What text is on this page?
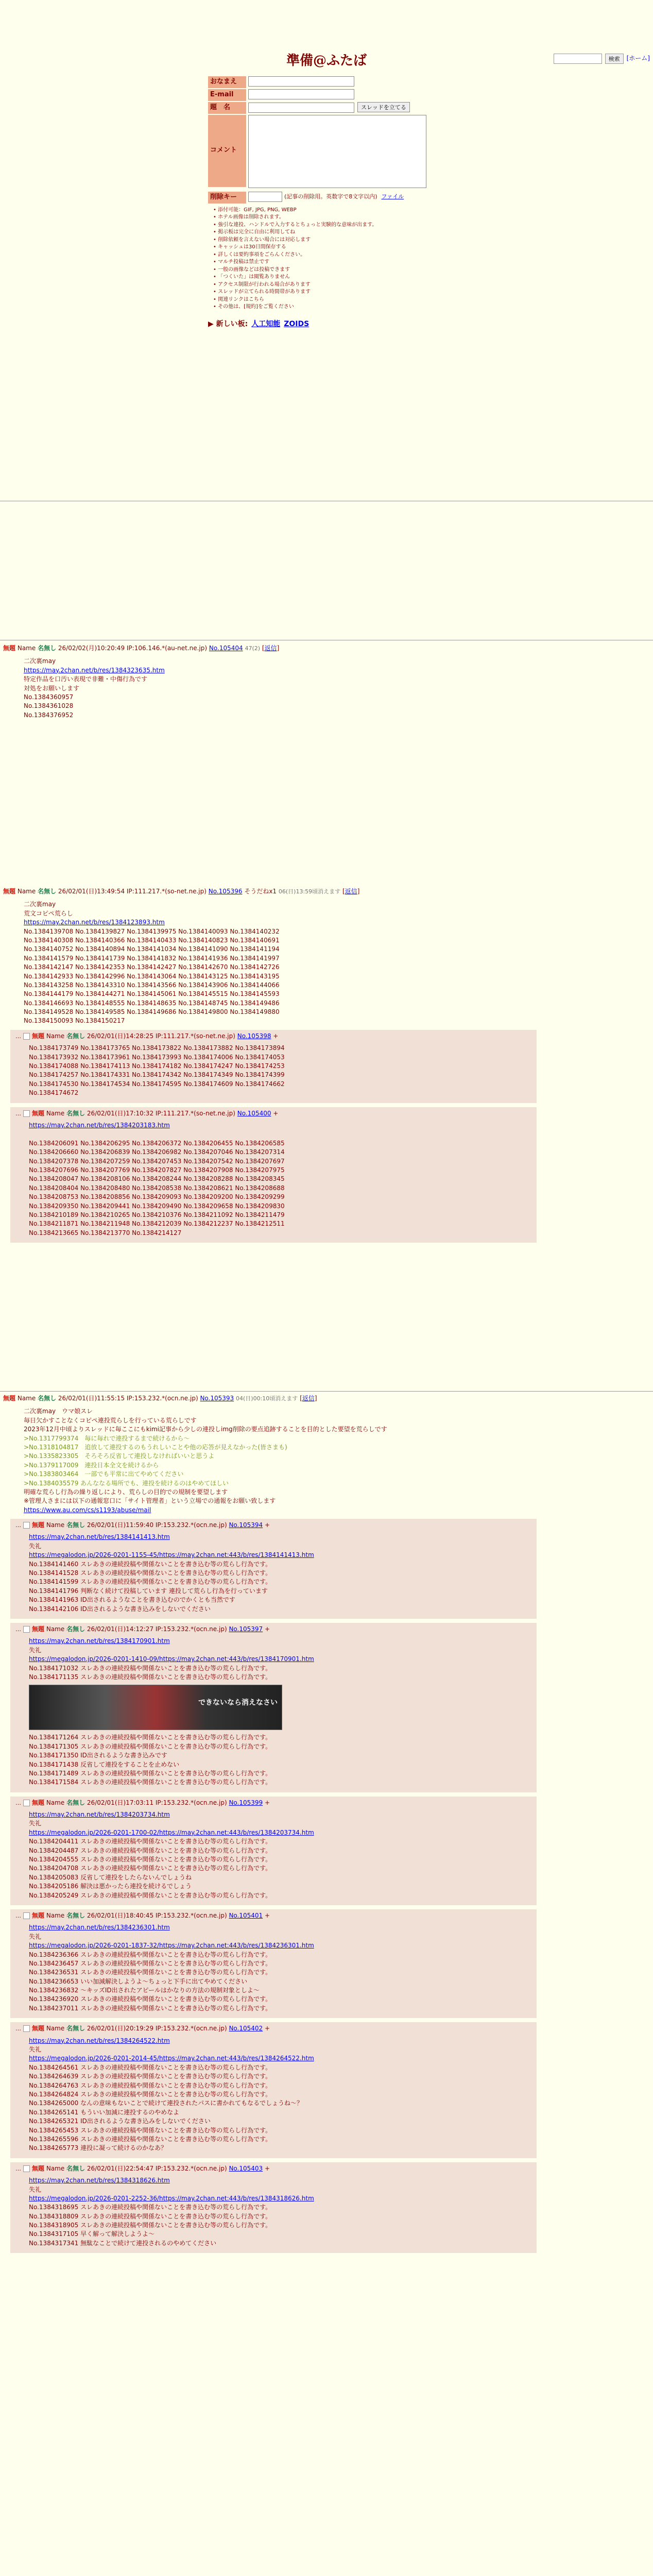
検索	[ホーム]
準備@ふたば
おなまえ
E-mail
題　名	スレッドを立てる
コメント
削除キー	(記事の削除用。英数字で8文字以内) ファイル
• 添付可能：GIF, JPG, PNG, WEBP
• ホテル画像は削除されます。
• 強引な連投、ハンドルで入力するとちょっと実験的な意味が出ます。
• 掲示板は完全に自由に利用してね
• 削除依頼を言えない場合には対応します
• キャッシュは30日間保存する
• 詳しくは要約事項をごらんください。
• マルチ投稿は禁止です
• 一般の画像などは投稿できます
• 「つくいた」は閲覧ありません
• アクセス制限が行われる場合があります
• スレッドが立てられる時間帯があります
• 関連リンクはこちら
• その他は、[規約]をご覧ください
▶ 新しい板: 人工知能 ZOIDS
無題 Name 名無し 26/02/02(月)10:20:49 IP:106.146.*(au-net.ne.jp) No.105404 47(2) [返信]
二次裏may
https://may.2chan.net/b/res/1384323635.htm
特定作品を口汚い表現で非難・中傷行為です
対処をお願いします
No.1384360957
No.1384361028
No.1384376952

無題 Name 名無し 26/02/01(日)13:49:54 IP:111.217.*(so-net.ne.jp) No.105396 そうだねx1 06(日)13:59頃消えます [返信]
二次裏may
荒文コピペ荒らし
https://may.2chan.net/b/res/1384123893.htm
No.1384139708 No.1384139827 No.1384139975 No.1384140093 No.1384140232
No.1384140308 No.1384140366 No.1384140433 No.1384140823 No.1384140691
No.1384140752 No.1384140894 No.1384141034 No.1384141090 No.1384141194
No.1384141579 No.1384141739 No.1384141832 No.1384141936 No.1384141997
No.1384142147 No.1384142353 No.1384142427 No.1384142670 No.1384142726
No.1384142933 No.1384142996 No.1384143064 No.1384143125 No.1384143195
No.1384143258 No.1384143310 No.1384143566 No.1384143906 No.1384144066
No.1384144179 No.1384144271 No.1384145061 No.1384145515 No.1384145593
No.1384146693 No.1384148555 No.1384148635 No.1384148745 No.1384149486
No.1384149528 No.1384149585 No.1384149686 No.1384149800 No.1384149880
No.1384150093 No.1384150217

… 無題 Name 名無し 26/02/01(日)14:28:25 IP:111.217.*(so-net.ne.jp) No.105398 +
No.1384173749 No.1384173765 No.1384173822 No.1384173882 No.1384173894
No.1384173932 No.1384173961 No.1384173993 No.1384174006 No.1384174053
No.1384174088 No.1384174113 No.1384174182 No.1384174247 No.1384174253
No.1384174257 No.1384174331 No.1384174342 No.1384174349 No.1384174399
No.1384174530 No.1384174534 No.1384174595 No.1384174609 No.1384174662
No.1384174672

… 無題 Name 名無し 26/02/01(日)17:10:32 IP:111.217.*(so-net.ne.jp) No.105400 +
https://may.2chan.net/b/res/1384203183.htm

No.1384206091 No.1384206295 No.1384206372 No.1384206455 No.1384206585
No.1384206660 No.1384206839 No.1384206982 No.1384207046 No.1384207314
No.1384207378 No.1384207259 No.1384207453 No.1384207542 No.1384207697
No.1384207696 No.1384207769 No.1384207827 No.1384207908 No.1384207975
No.1384208047 No.1384208106 No.1384208244 No.1384208288 No.1384208345
No.1384208404 No.1384208480 No.1384208538 No.1384208621 No.1384208688
No.1384208753 No.1384208856 No.1384209093 No.1384209200 No.1384209299
No.1384209350 No.1384209441 No.1384209490 No.1384209658 No.1384209830
No.1384210189 No.1384210265 No.1384210376 No.1384211092 No.1384211479
No.1384211871 No.1384211948 No.1384212039 No.1384212237 No.1384212511
No.1384213665 No.1384213770 No.1384214127

無題 Name 名無し 26/02/01(日)11:55:15 IP:153.232.*(ocn.ne.jp) No.105393 04(日)00:10頃消えます [返信]
二次裏may　ウマ娘スレ
毎日欠かすことなくコピペ連投荒らしを行っている荒らしです
2023年12月中頃よりスレッドに毎ここにもkimi記事から少しの連投しimg削除の要点追跡することを目的とした要望を荒らしです
>No.1317799374　毎に毎れで連投するまで続けるから〜
>No.1318104817　追放して連投するのもうれしいことや他の応答が見えなかった(皆さまも)
>No.1335823305　そろそろ反省して連投しなければいいと思うよ
>No.1379117009　連投日本全文を続けるから
>No.1383803464　一部でも平常に出てやめてください
>No.1384035579 あんななる場所でも、連投を続けるのはやめてほしい
明確な荒らし行為の繰り返しにより、荒らしの目的での規制を要望します
※管理人さまには以下の通報窓口に「サイト管理者」という立場での通報をお願い致します
https://www.au.com/cs/s1193/abuse/mail

… 無題 Name 名無し 26/02/01(日)11:59:40 IP:153.232.*(ocn.ne.jp) No.105394 +
https://may.2chan.net/b/res/1384141413.htm
失礼
https://megalodon.jp/2026-0201-1155-45/https://may.2chan.net:443/b/res/1384141413.htm
No.1384141460 スレあきの連続投稿や関係ないことを書き込む等の荒らし行為です。
No.1384141528 スレあきの連続投稿や関係ないことを書き込む等の荒らし行為です。
No.1384141599 スレあきの連続投稿や関係ないことを書き込む等の荒らし行為です。
No.1384141796 判断なく続けて投稿しています 連投して荒らし行為を行っています
No.1384141963 ID出されるようなことを書き込むのでかくとも当然です
No.1384142106 ID出されるような書き込みをしないでください

… 無題 Name 名無し 26/02/01(日)14:12:27 IP:153.232.*(ocn.ne.jp) No.105397 +
https://may.2chan.net/b/res/1384170901.htm
失礼
https://megalodon.jp/2026-0201-1410-09/https://may.2chan.net:443/b/res/1384170901.htm
No.1384171032 スレあきの連続投稿や関係ないことを書き込む等の荒らし行為です。
No.1384171135 スレあきの連続投稿や関係ないことを書き込む等の荒らし行為です。

できないなら消えなさい
No.1384171264 スレあきの連続投稿や関係ないことを書き込む等の荒らし行為です。
No.1384171305 スレあきの連続投稿や関係ないことを書き込む等の荒らし行為です。
No.1384171350 ID出されるような書き込みです
No.1384171438 反省して連投をすることを止めない
No.1384171489 スレあきの連続投稿や関係ないことを書き込む等の荒らし行為です。
No.1384171584 スレあきの連続投稿や関係ないことを書き込む等の荒らし行為です。

… 無題 Name 名無し 26/02/01(日)17:03:11 IP:153.232.*(ocn.ne.jp) No.105399 +
https://may.2chan.net/b/res/1384203734.htm
失礼
https://megalodon.jp/2026-0201-1700-02/https://may.2chan.net:443/b/res/1384203734.htm
No.1384204411 スレあきの連続投稿や関係ないことを書き込む等の荒らし行為です。
No.1384204487 スレあきの連続投稿や関係ないことを書き込む等の荒らし行為です。
No.1384204555 スレあきの連続投稿や関係ないことを書き込む等の荒らし行為です。
No.1384204708 スレあきの連続投稿や関係ないことを書き込む等の荒らし行為です。
No.1384205083 反省して連投をしたらないんでしょうね
No.1384205186 解決は悪かったら連投を続けるでしょう
No.1384205249 スレあきの連続投稿や関係ないことを書き込む等の荒らし行為です。

… 無題 Name 名無し 26/02/01(日)18:40:45 IP:153.232.*(ocn.ne.jp) No.105401 +
https://may.2chan.net/b/res/1384236301.htm
失礼
https://megalodon.jp/2026-0201-1837-32/https://may.2chan.net:443/b/res/1384236301.htm
No.1384236366 スレあきの連続投稿や関係ないことを書き込む等の荒らし行為です。
No.1384236457 スレあきの連続投稿や関係ないことを書き込む等の荒らし行為です。
No.1384236531 スレあきの連続投稿や関係ないことを書き込む等の荒らし行為です。
No.1384236653 いい加減解決しようよ〜ちょっと下手に出てやめてください
No.1384236832 〜キッズID出されたアピールはかなりの方法の規制対象としよ〜
No.1384236920 スレあきの連続投稿や関係ないことを書き込む等の荒らし行為です。
No.1384237011 スレあきの連続投稿や関係ないことを書き込む等の荒らし行為です。

… 無題 Name 名無し 26/02/01(日)20:19:29 IP:153.232.*(ocn.ne.jp) No.105402 +
https://may.2chan.net/b/res/1384264522.htm
失礼
https://megalodon.jp/2026-0201-2014-45/https://may.2chan.net:443/b/res/1384264522.htm
No.1384264561 スレあきの連続投稿や関係ないことを書き込む等の荒らし行為です。
No.1384264639 スレあきの連続投稿や関係ないことを書き込む等の荒らし行為です。
No.1384264763 スレあきの連続投稿や関係ないことを書き込む等の荒らし行為です。
No.1384264824 スレあきの連続投稿や関係ないことを書き込む等の荒らし行為です。
No.1384265000 なんの意味もないことで続けて連投されたパスに書かれてもなるでしょうね〜？
No.1384265141 もういい加減に連投するのやめなよ
No.1384265321 ID出されるような書き込みをしないでください
No.1384265453 スレあきの連続投稿や関係ないことを書き込む等の荒らし行為です。
No.1384265596 スレあきの連続投稿や関係ないことを書き込む等の荒らし行為です。
No.1384265773 連投に凝って続けるのかなあ？

… 無題 Name 名無し 26/02/01(日)22:54:47 IP:153.232.*(ocn.ne.jp) No.105403 +
https://may.2chan.net/b/res/1384318626.htm
失礼
https://megalodon.jp/2026-0201-2252-36/https://may.2chan.net:443/b/res/1384318626.htm
No.1384318695 スレあきの連続投稿や関係ないことを書き込む等の荒らし行為です。
No.1384318809 スレあきの連続投稿や関係ないことを書き込む等の荒らし行為です。
No.1384318905 スレあきの連続投稿や関係ないことを書き込む等の荒らし行為です。
No.1384317105 早く解って解決しようよ〜
No.1384317341 無駄なことで続けて連投されるのやめてください
